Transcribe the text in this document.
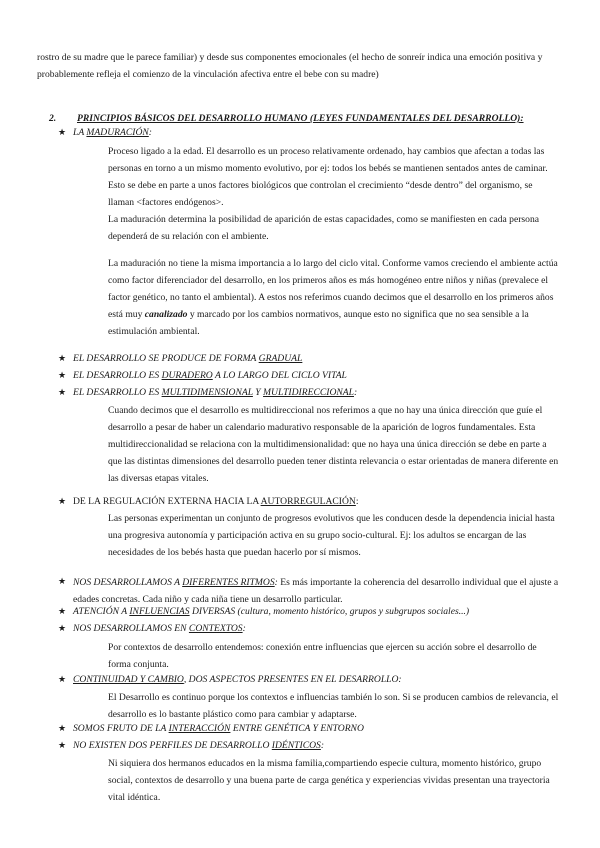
rostro de su madre que le parece familiar) y desde sus componentes emocionales (el hecho de sonreír indica una emoción positiva y probablemente refleja el comienzo de la vinculación afectiva entre el bebe con su madre)

2. PRINCIPIOS BÁSICOS DEL DESARROLLO HUMANO (LEYES FUNDAMENTALES DEL DESARROLLO):
★ LA MADURACIÓN:

Proceso ligado a la edad. El desarrollo es un proceso relativamente ordenado, hay cambios que afectan a todas las personas en torno a un mismo momento evolutivo, por ej: todos los bebés se mantienen sentados antes de caminar. Esto se debe en parte a unos factores biológicos que controlan el crecimiento “desde dentro” del organismo, se llaman <factores endógenos>.

La maduración determina la posibilidad de aparición de estas capacidades, como se manifiesten en cada persona dependerá de su relación con el ambiente.

La maduración no tiene la misma importancia a lo largo del ciclo vital. Conforme vamos creciendo el ambiente actúa como factor diferenciador del desarrollo, en los primeros años es más homogéneo entre niños y niñas (prevalece el factor genético, no tanto el ambiental). A estos nos referimos cuando decimos que el desarrollo en los primeros años está muy canalizado y marcado por los cambios normativos, aunque esto no significa que no sea sensible a la estimulación ambiental.

★ EL DESARROLLO SE PRODUCE DE FORMA GRADUAL
★ EL DESARROLLO ES DURADERO A LO LARGO DEL CICLO VITAL
★ EL DESARROLLO ES MULTIDIMENSIONAL Y MULTIDIRECCIONAL:

Cuando decimos que el desarrollo es multidireccional nos referimos a que no hay una única dirección que guíe el desarrollo a pesar de haber un calendario madurativo responsable de la aparición de logros fundamentales. Esta multidireccionalidad se relaciona con la multidimensionalidad: que no haya una única dirección se debe en parte a que las distintas dimensiones del desarrollo pueden tener distinta relevancia o estar orientadas de manera diferente en las diversas etapas vitales.

★ DE LA REGULACIÓN EXTERNA HACIA LA AUTORREGULACIÓN:

Las personas experimentan un conjunto de progresos evolutivos que les conducen desde la dependencia inicial hasta una progresiva autonomía y participación activa en su grupo socio-cultural. Ej: los adultos se encargan de las necesidades de los bebés hasta que puedan hacerlo por sí mismos.

★ NOS DESARROLLAMOS A DIFERENTES RITMOS: Es más importante la coherencia del desarrollo individual que el ajuste a edades concretas. Cada niño y cada niña tiene un desarrollo particular.

★ ATENCIÓN A INFLUENCIAS DIVERSAS (cultura, momento histórico, grupos y subgrupos sociales...)
★ NOS DESARROLLAMOS EN CONTEXTOS:

Por contextos de desarrollo entendemos: conexión entre influencias que ejercen su acción sobre el desarrollo de forma conjunta.

★ CONTINUIDAD Y CAMBIO, DOS ASPECTOS PRESENTES EN EL DESARROLLO:

El Desarrollo es continuo porque los contextos e influencias también lo son. Si se producen cambios de relevancia, el desarrollo es lo bastante plástico como para cambiar y adaptarse.

★ SOMOS FRUTO DE LA INTERACCIÓN ENTRE GENÉTICA Y ENTORNO
★ NO EXISTEN DOS PERFILES DE DESARROLLO IDÉNTICOS:

Ni siquiera dos hermanos educados en la misma familia,compartiendo especie cultura, momento histórico, grupo social, contextos de desarrollo y una buena parte de carga genética y experiencias vividas presentan una trayectoria vital idéntica.
